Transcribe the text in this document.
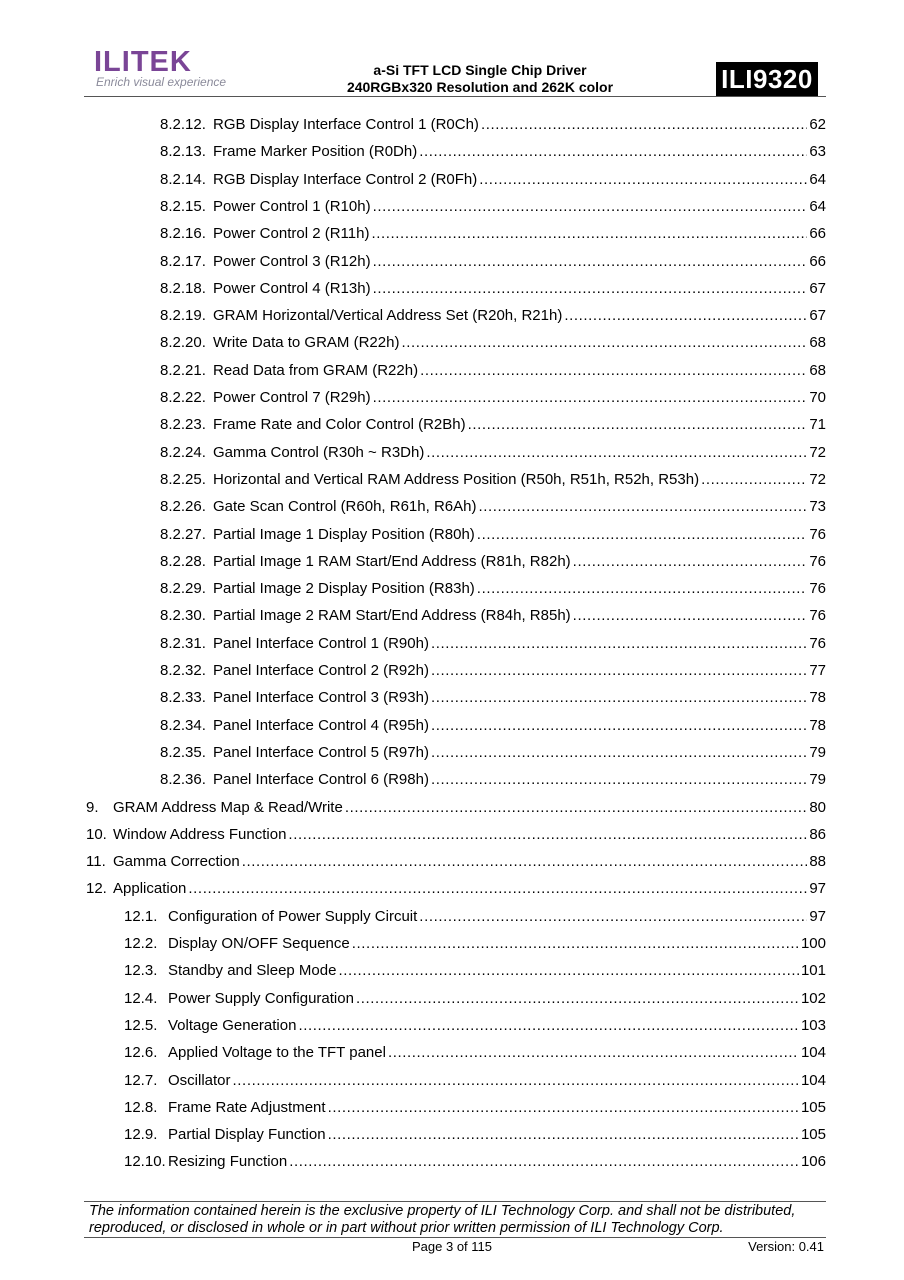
ILITEK
Enrich visual experience
a-Si TFT LCD Single Chip Driver
240RGBx320 Resolution and 262K color	ILI9320
8.2.12. RGB Display Interface Control 1 (R0Ch) .....	62
8.2.13. Frame Marker Position (R0Dh) .....	63
8.2.14. RGB Display Interface Control 2 (R0Fh) .....	64
8.2.15. Power Control 1 (R10h) .....	64
8.2.16. Power Control 2 (R11h) .....	66
8.2.17. Power Control 3 (R12h) .....	66
8.2.18. Power Control 4 (R13h) .....	67
8.2.19. GRAM Horizontal/Vertical Address Set (R20h, R21h) .....	67
8.2.20. Write Data to GRAM (R22h) .....	68
8.2.21. Read Data from GRAM (R22h) .....	68
8.2.22. Power Control 7 (R29h) .....	70
8.2.23. Frame Rate and Color Control (R2Bh) .....	71
8.2.24. Gamma Control (R30h ~ R3Dh) .....	72
8.2.25. Horizontal and Vertical RAM Address Position (R50h, R51h, R52h, R53h) .....	72
8.2.26. Gate Scan Control (R60h, R61h, R6Ah) .....	73
8.2.27. Partial Image 1 Display Position (R80h) .....	76
8.2.28. Partial Image 1 RAM Start/End Address (R81h, R82h) .....	76
8.2.29. Partial Image 2 Display Position (R83h) .....	76
8.2.30. Partial Image 2 RAM Start/End Address (R84h, R85h) .....	76
8.2.31. Panel Interface Control 1 (R90h) .....	76
8.2.32. Panel Interface Control 2 (R92h) .....	77
8.2.33. Panel Interface Control 3 (R93h) .....	78
8.2.34. Panel Interface Control 4 (R95h) .....	78
8.2.35. Panel Interface Control 5 (R97h) .....	79
8.2.36. Panel Interface Control 6 (R98h) .....	79
9. GRAM Address Map & Read/Write .....	80
10. Window Address Function .....	86
11. Gamma Correction .....	88
12. Application .....	97
12.1. Configuration of Power Supply Circuit .....	97
12.2. Display ON/OFF Sequence .....	100
12.3. Standby and Sleep Mode .....	101
12.4. Power Supply Configuration .....	102
12.5. Voltage Generation .....	103
12.6. Applied Voltage to the TFT panel .....	104
12.7. Oscillator .....	104
12.8. Frame Rate Adjustment .....	105
12.9. Partial Display Function .....	105
12.10. Resizing Function .....	106
The information contained herein is the exclusive property of ILI Technology Corp. and shall not be distributed,
reproduced, or disclosed in whole or in part without prior written permission of ILI Technology Corp.
Page 3 of 115	Version: 0.41
